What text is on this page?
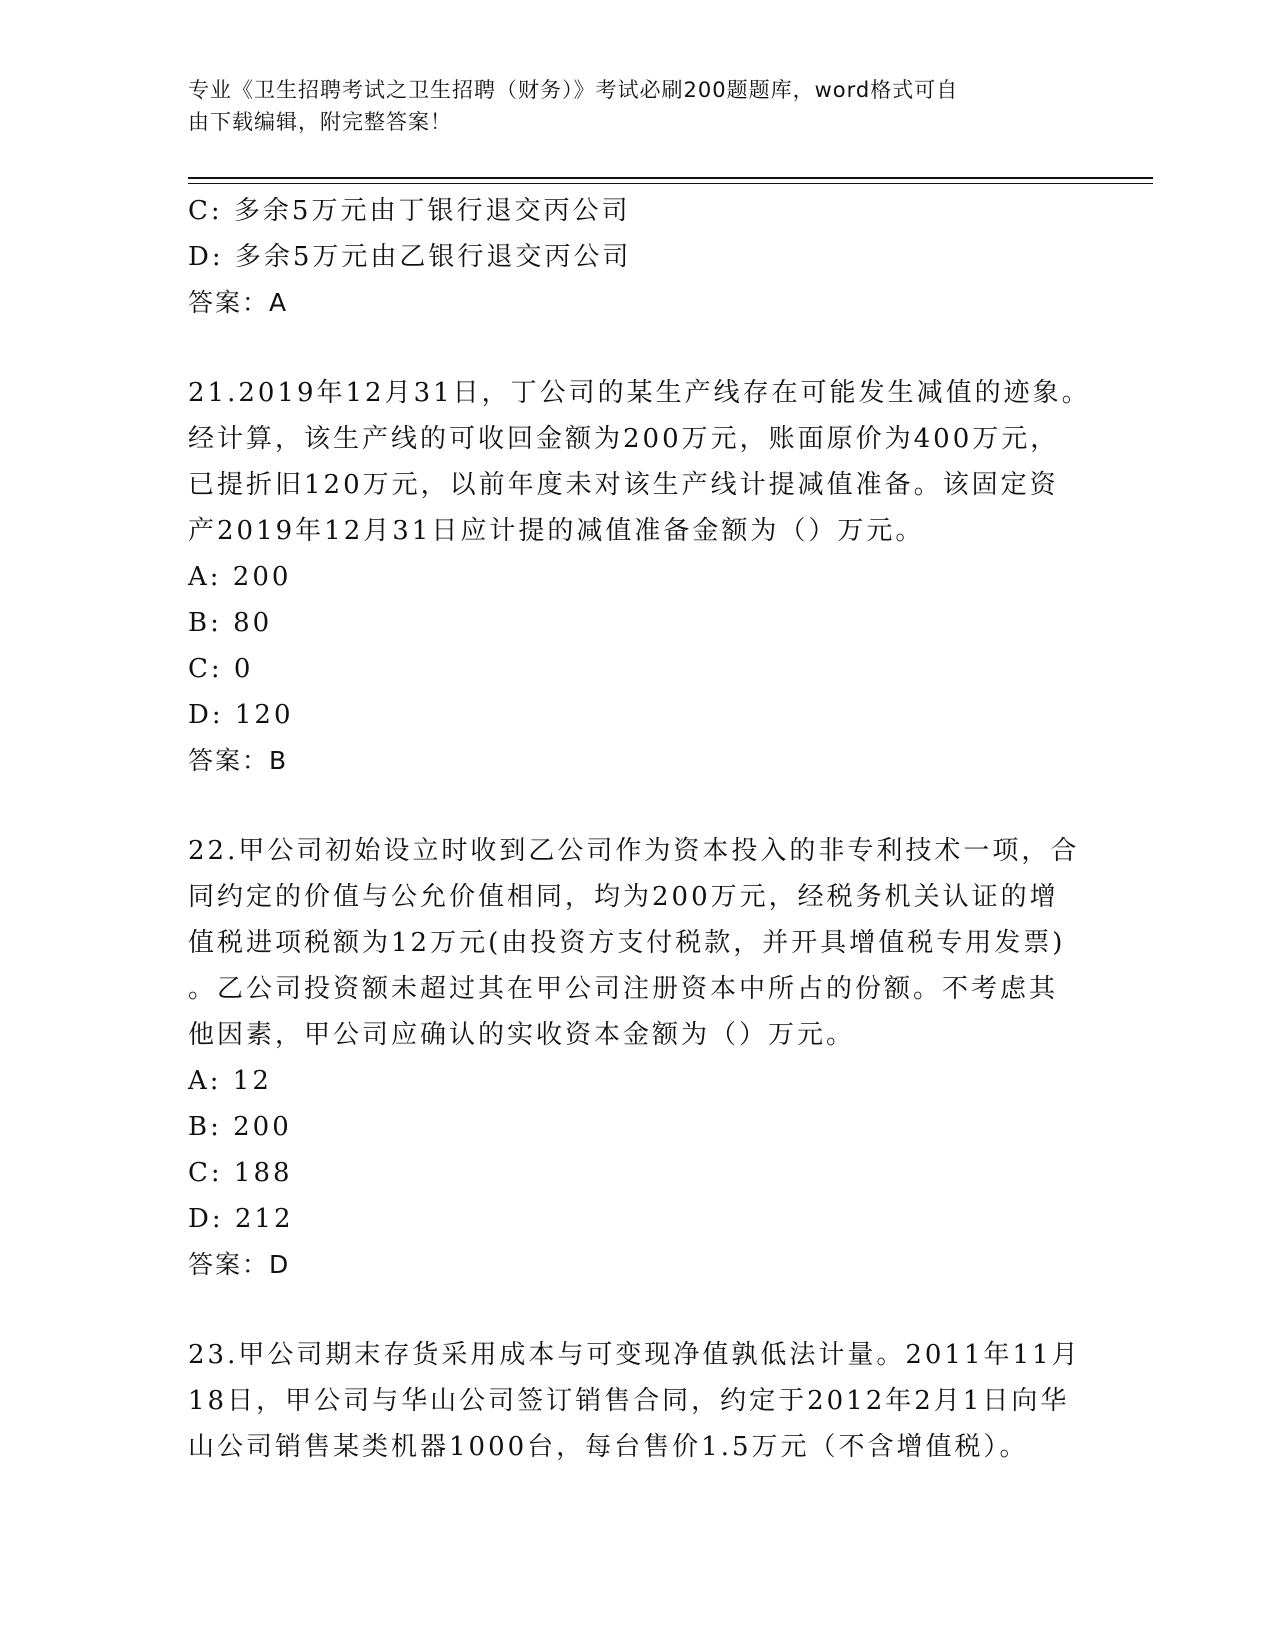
专业《卫生招聘考试之卫生招聘（财务）》考试必刷200题题库，word格式可自
由下载编辑，附完整答案！
C: 多余5万元由丁银行退交丙公司
D: 多余5万元由乙银行退交丙公司
答案：A
21.2019年12月31日，丁公司的某生产线存在可能发生减值的迹象。
经计算，该生产线的可收回金额为200万元，账面原价为400万元，
已提折旧120万元，以前年度未对该生产线计提减值准备。该固定资
产2019年12月31日应计提的减值准备金额为（）万元。
A: 200
B: 80
C: 0
D: 120
答案：B
22.甲公司初始设立时收到乙公司作为资本投入的非专利技术一项，合
同约定的价值与公允价值相同，均为200万元，经税务机关认证的增
值税进项税额为12万元(由投资方支付税款，并开具增值税专用发票)
。乙公司投资额未超过其在甲公司注册资本中所占的份额。不考虑其
他因素，甲公司应确认的实收资本金额为（）万元。
A: 12
B: 200
C: 188
D: 212
答案：D
23.甲公司期末存货采用成本与可变现净值孰低法计量。2011年11月
18日，甲公司与华山公司签订销售合同，约定于2012年2月1日向华
山公司销售某类机器1000台，每台售价1.5万元（不含增值税）。
